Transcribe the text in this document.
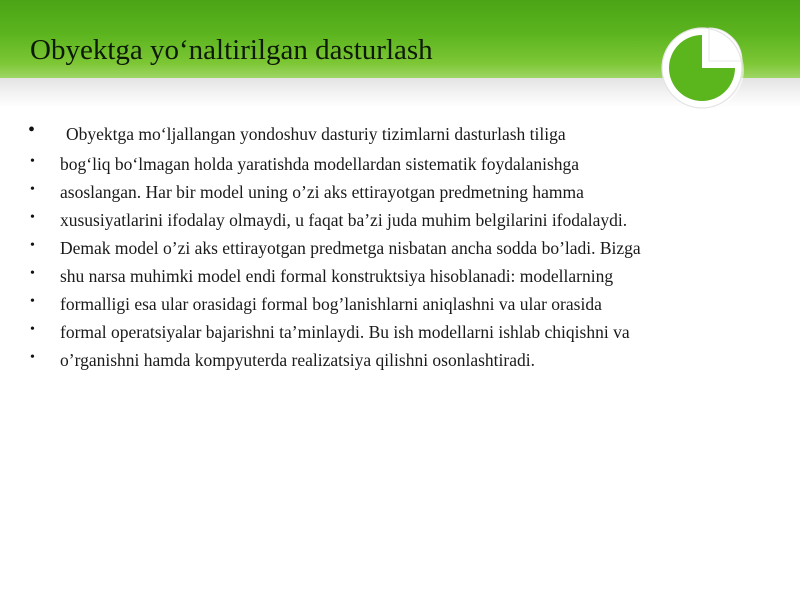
Obyektga yo‘naltirilgan dasturlash
•	Obyektga mo‘ljallangan yondoshuv dasturiy tizimlarni dasturlash tiliga
• bog‘liq bo‘lmagan holda yaratishda modellardan sistematik foydalanishga
• asoslangan. Har bir model uning o’zi aks ettirayotgan predmetning hamma
• xususiyatlarini ifodalay olmaydi, u faqat ba’zi juda muhim belgilarini ifodalaydi.
• Demak model o’zi aks ettirayotgan predmetga nisbatan ancha sodda bo’ladi. Bizga
• shu narsa muhimki model endi formal konstruktsiya hisoblanadi: modellarning
• formalligi esa ular orasidagi formal bog’lanishlarni aniqlashni va ular orasida
• formal operatsiyalar bajarishni ta’minlaydi. Bu ish modellarni ishlab chiqishni va
• o’rganishni hamda kompyuterda realizatsiya qilishni osonlashtiradi.
